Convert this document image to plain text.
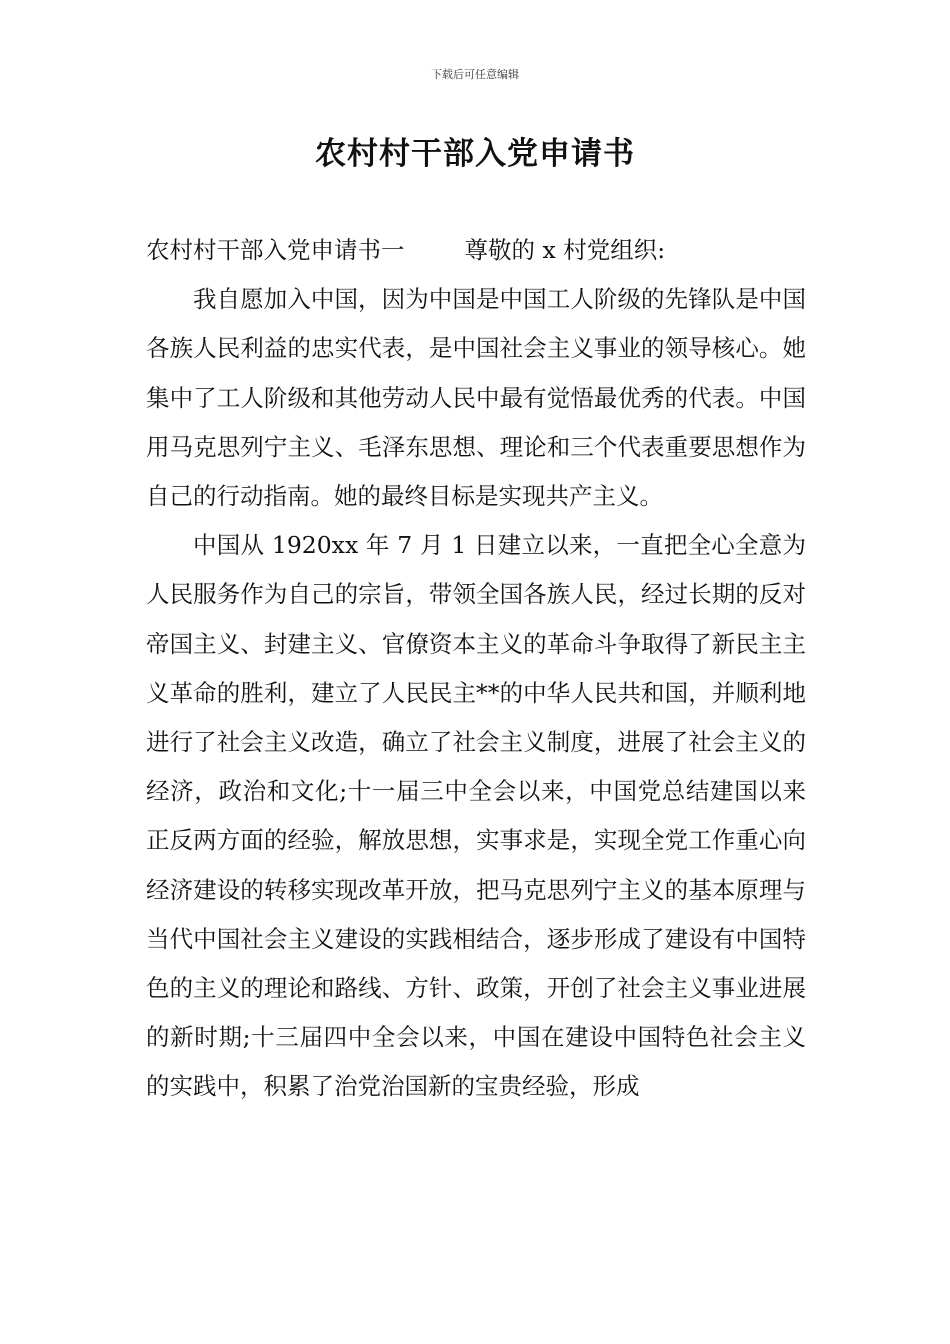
下载后可任意编辑
农村村干部入党申请书

农村村干部入党申请书一	尊敬的 x 村党组织:

我自愿加入中国，因为中国是中国工人阶级的先锋队是中国各族人民利益的忠实代表，是中国社会主义事业的领导核心。她集中了工人阶级和其他劳动人民中最有觉悟最优秀的代表。中国用马克思列宁主义、毛泽东思想、理论和三个代表重要思想作为自己的行动指南。她的最终目标是实现共产主义。

中国从 1920xx 年 7 月 1 日建立以来，一直把全心全意为人民服务作为自己的宗旨，带领全国各族人民，经过长期的反对帝国主义、封建主义、官僚资本主义的革命斗争取得了新民主主义革命的胜利，建立了人民民主**的中华人民共和国，并顺利地进行了社会主义改造，确立了社会主义制度，进展了社会主义的经济，政治和文化;十一届三中全会以来，中国党总结建国以来正反两方面的经验，解放思想，实事求是，实现全党工作重心向经济建设的转移实现改革开放，把马克思列宁主义的基本原理与当代中国社会主义建设的实践相结合，逐步形成了建设有中国特色的主义的理论和路线、方针、政策，开创了社会主义事业进展的新时期;十三届四中全会以来，中国在建设中国特色社会主义的实践中，积累了治党治国新的宝贵经验，形成
